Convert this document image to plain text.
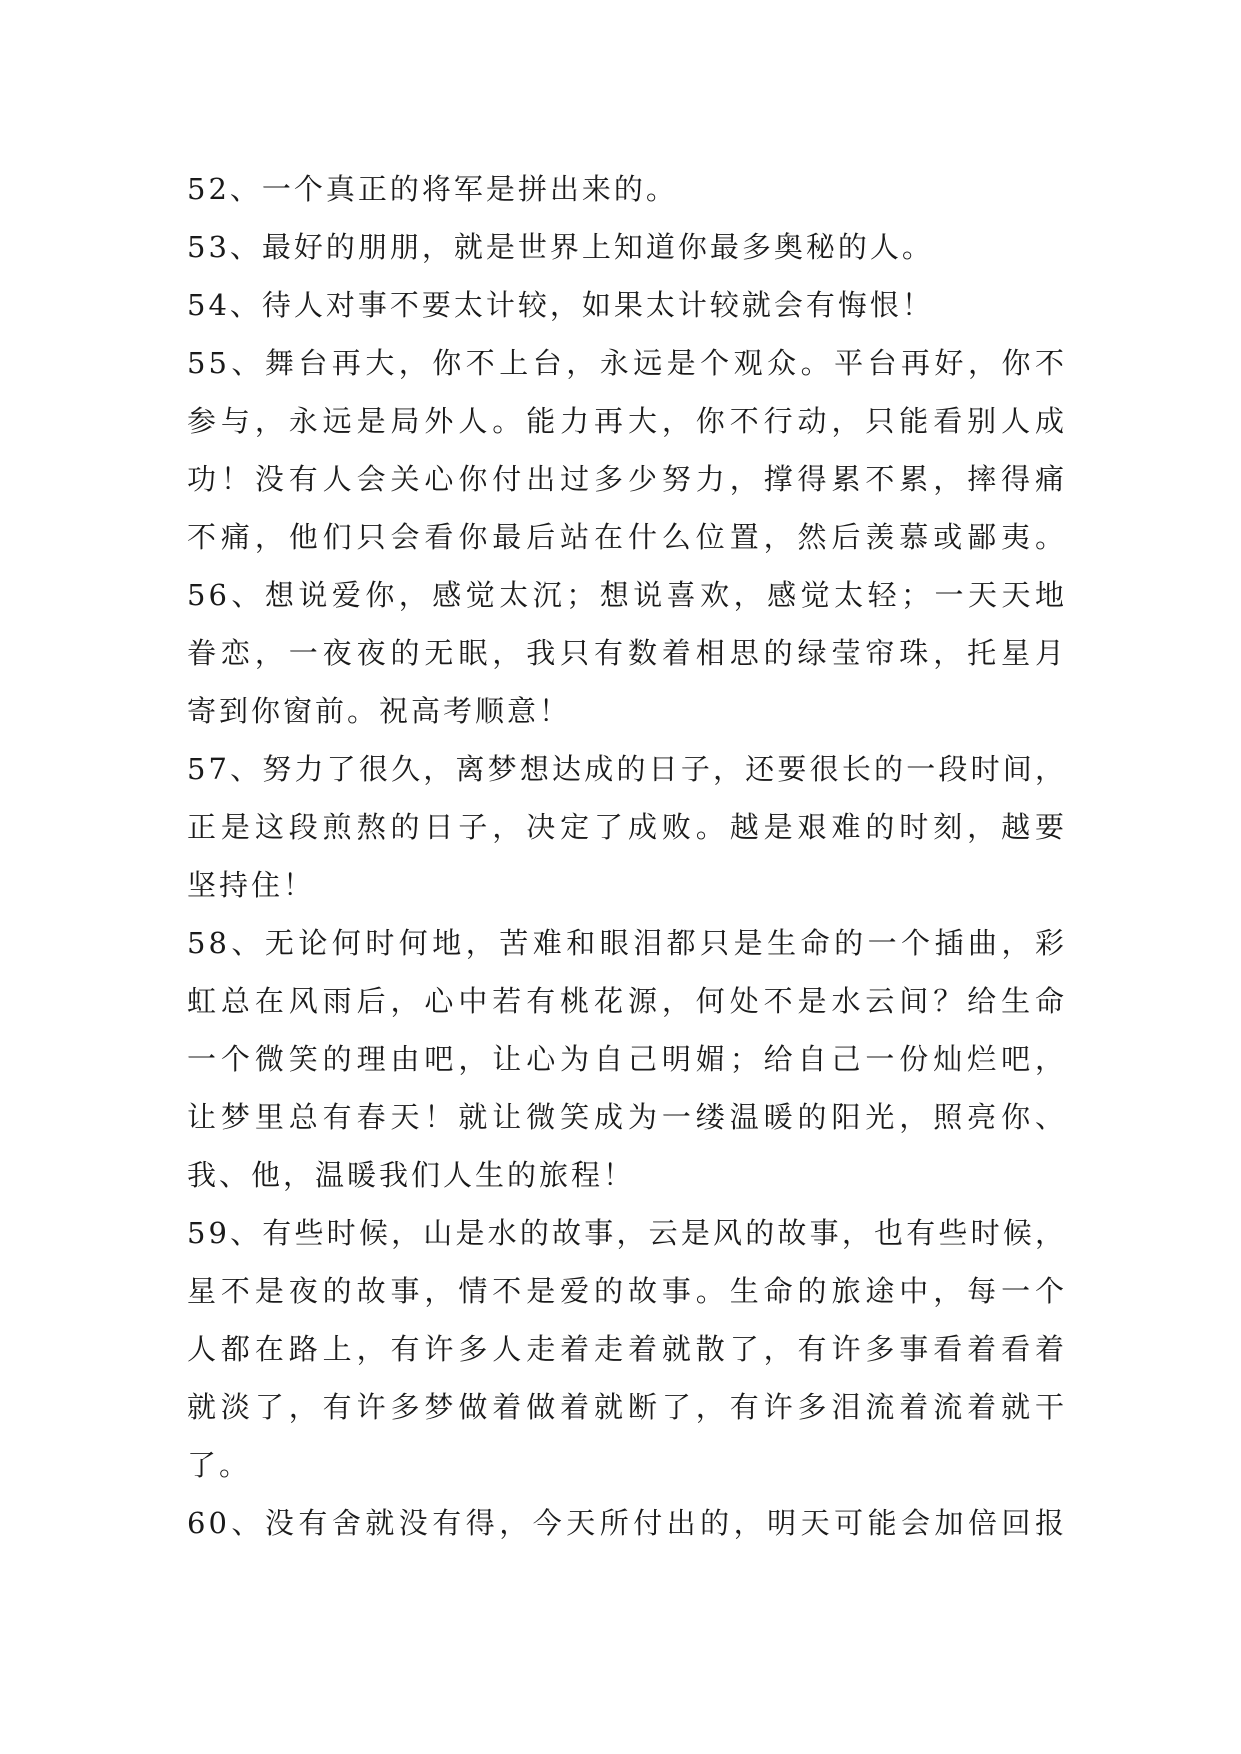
52、一个真正的将军是拼出来的。
53、最好的朋朋，就是世界上知道你最多奥秘的人。
54、待人对事不要太计较，如果太计较就会有悔恨！
55、舞台再大，你不上台，永远是个观众。平台再好，你不
参与，永远是局外人。能力再大，你不行动，只能看别人成
功！没有人会关心你付出过多少努力，撑得累不累，摔得痛
不痛，他们只会看你最后站在什么位置，然后羡慕或鄙夷。
56、想说爱你，感觉太沉；想说喜欢，感觉太轻；一天天地
眷恋，一夜夜的无眠，我只有数着相思的绿莹帘珠，托星月
寄到你窗前。祝高考顺意！
57、努力了很久，离梦想达成的日子，还要很长的一段时间，
正是这段煎熬的日子，决定了成败。越是艰难的时刻，越要
坚持住！
58、无论何时何地，苦难和眼泪都只是生命的一个插曲，彩
虹总在风雨后，心中若有桃花源，何处不是水云间？给生命
一个微笑的理由吧，让心为自己明媚；给自己一份灿烂吧，
让梦里总有春天！就让微笑成为一缕温暖的阳光，照亮你、
我、他，温暖我们人生的旅程！
59、有些时候，山是水的故事，云是风的故事，也有些时候，
星不是夜的故事，情不是爱的故事。生命的旅途中，每一个
人都在路上，有许多人走着走着就散了，有许多事看着看着
就淡了，有许多梦做着做着就断了，有许多泪流着流着就干
了。
60、没有舍就没有得，今天所付出的，明天可能会加倍回报
